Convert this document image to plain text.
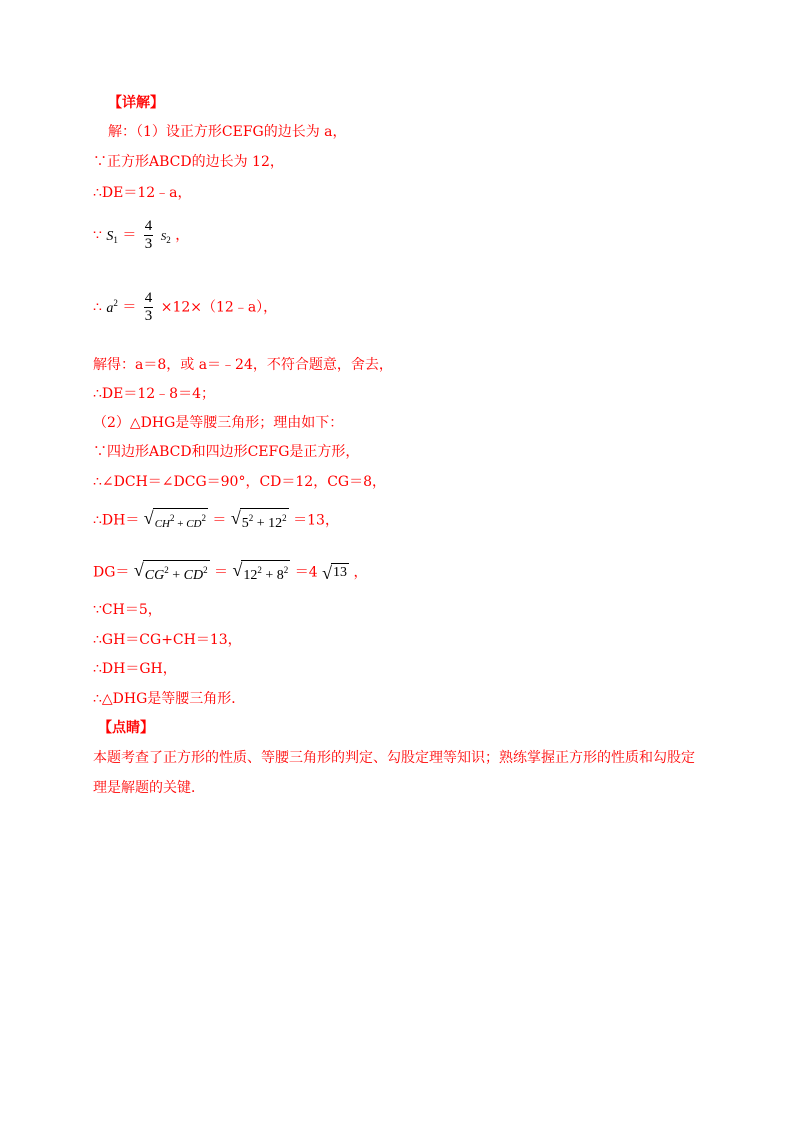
【详解】
解：（1）设正方形CEFG的边长为 a，
∵正方形ABCD的边长为 12，
∴DE＝12﹣a，
∵ $S_1 = \frac{4}{3} S_2$ ，
∴ $a^2 = \frac{4}{3}$ ×12×（12﹣a），
解得：a＝8，或 a＝﹣24，不符合题意，舍去，
∴DE＝12﹣8＝4；
（2）△DHG是等腰三角形；理由如下：
∵四边形ABCD和四边形CEFG是正方形，
∴∠DCH＝∠DCG＝90°，CD＝12，CG＝8，
∴DH＝ √ $CH^2 + CD^2$ ＝ √ $5^2 + 12^2 =13$，
DG＝ √ $CG^2 + CD^2$ ＝ √ $12^2 + 8^2 =4$ √ 13 ，
∵CH＝5，
∴GH＝CG+CH＝13，
∴DH＝GH，
∴△DHG是等腰三角形．
【点睛】
本题考查了正方形的性质、等腰三角形的判定、勾股定理等知识；熟练掌握正方形的性质和勾股定
理是解题的关键．
